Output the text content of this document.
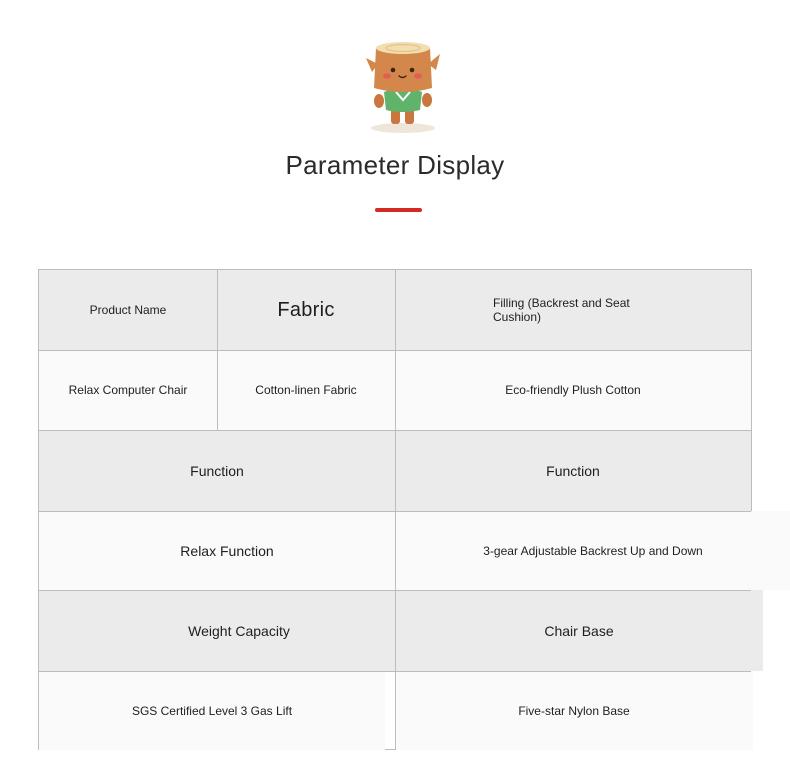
Parameter Display
Product Name	Fabric	Filling (Backrest and Seat Cushion)
Relax Computer Chair	Cotton-linen Fabric	Eco-friendly Plush Cotton
Function	Function
Relax Function	3-gear Adjustable Backrest Up and Down
Weight Capacity	Chair Base
SGS Certified Level 3 Gas Lift	Five-star Nylon Base
